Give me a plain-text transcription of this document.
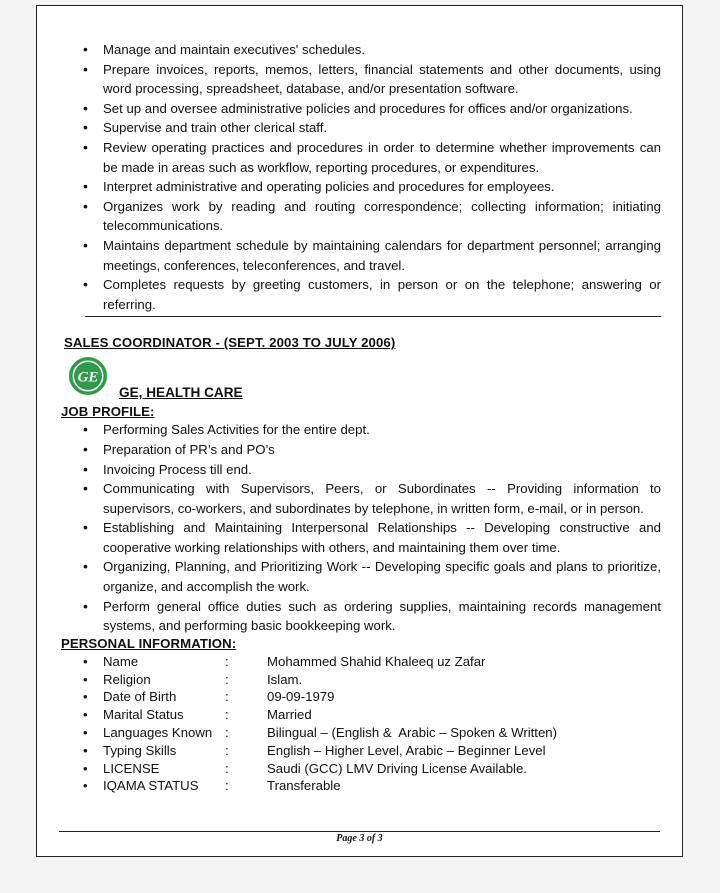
• Manage and maintain executives' schedules.
• Prepare invoices, reports, memos, letters, financial statements and other documents, using word processing, spreadsheet, database, and/or presentation software.
• Set up and oversee administrative policies and procedures for offices and/or organizations.
• Supervise and train other clerical staff.
• Review operating practices and procedures in order to determine whether improvements can be made in areas such as workflow, reporting procedures, or expenditures.
• Interpret administrative and operating policies and procedures for employees.
• Organizes work by reading and routing correspondence; collecting information; initiating telecommunications.
• Maintains department schedule by maintaining calendars for department personnel; arranging meetings, conferences, teleconferences, and travel.
• Completes requests by greeting customers, in person or on the telephone; answering or referring.
SALES COORDINATOR - (SEPT. 2003 TO JULY 2006)
GE
GE, HEALTH CARE
JOB PROFILE:
• Performing Sales Activities for the entire dept.
• Preparation of PR’s and PO’s
• Invoicing Process till end.
• Communicating with Supervisors, Peers, or Subordinates -- Providing information to supervisors, co-workers, and subordinates by telephone, in written form, e-mail, or in person.
• Establishing and Maintaining Interpersonal Relationships -- Developing constructive and cooperative working relationships with others, and maintaining them over time.
• Organizing, Planning, and Prioritizing Work -- Developing specific goals and plans to prioritize, organize, and accomplish the work.
• Perform general office duties such as ordering supplies, maintaining records management systems, and performing basic bookkeeping work.
PERSONAL INFORMATION:
•	Name	:	Mohammed Shahid Khaleeq uz Zafar
•	Religion	:	Islam.
•	Date of Birth	:	09-09-1979
•	Marital Status	:	Married
•	Languages Known	:	Bilingual – (English &  Arabic – Spoken & Written)
•	Typing Skills	:	English – Higher Level, Arabic – Beginner Level
•	LICENSE	:	Saudi (GCC) LMV Driving License Available.
•	IQAMA STATUS	:	Transferable
Page 3 of 3
